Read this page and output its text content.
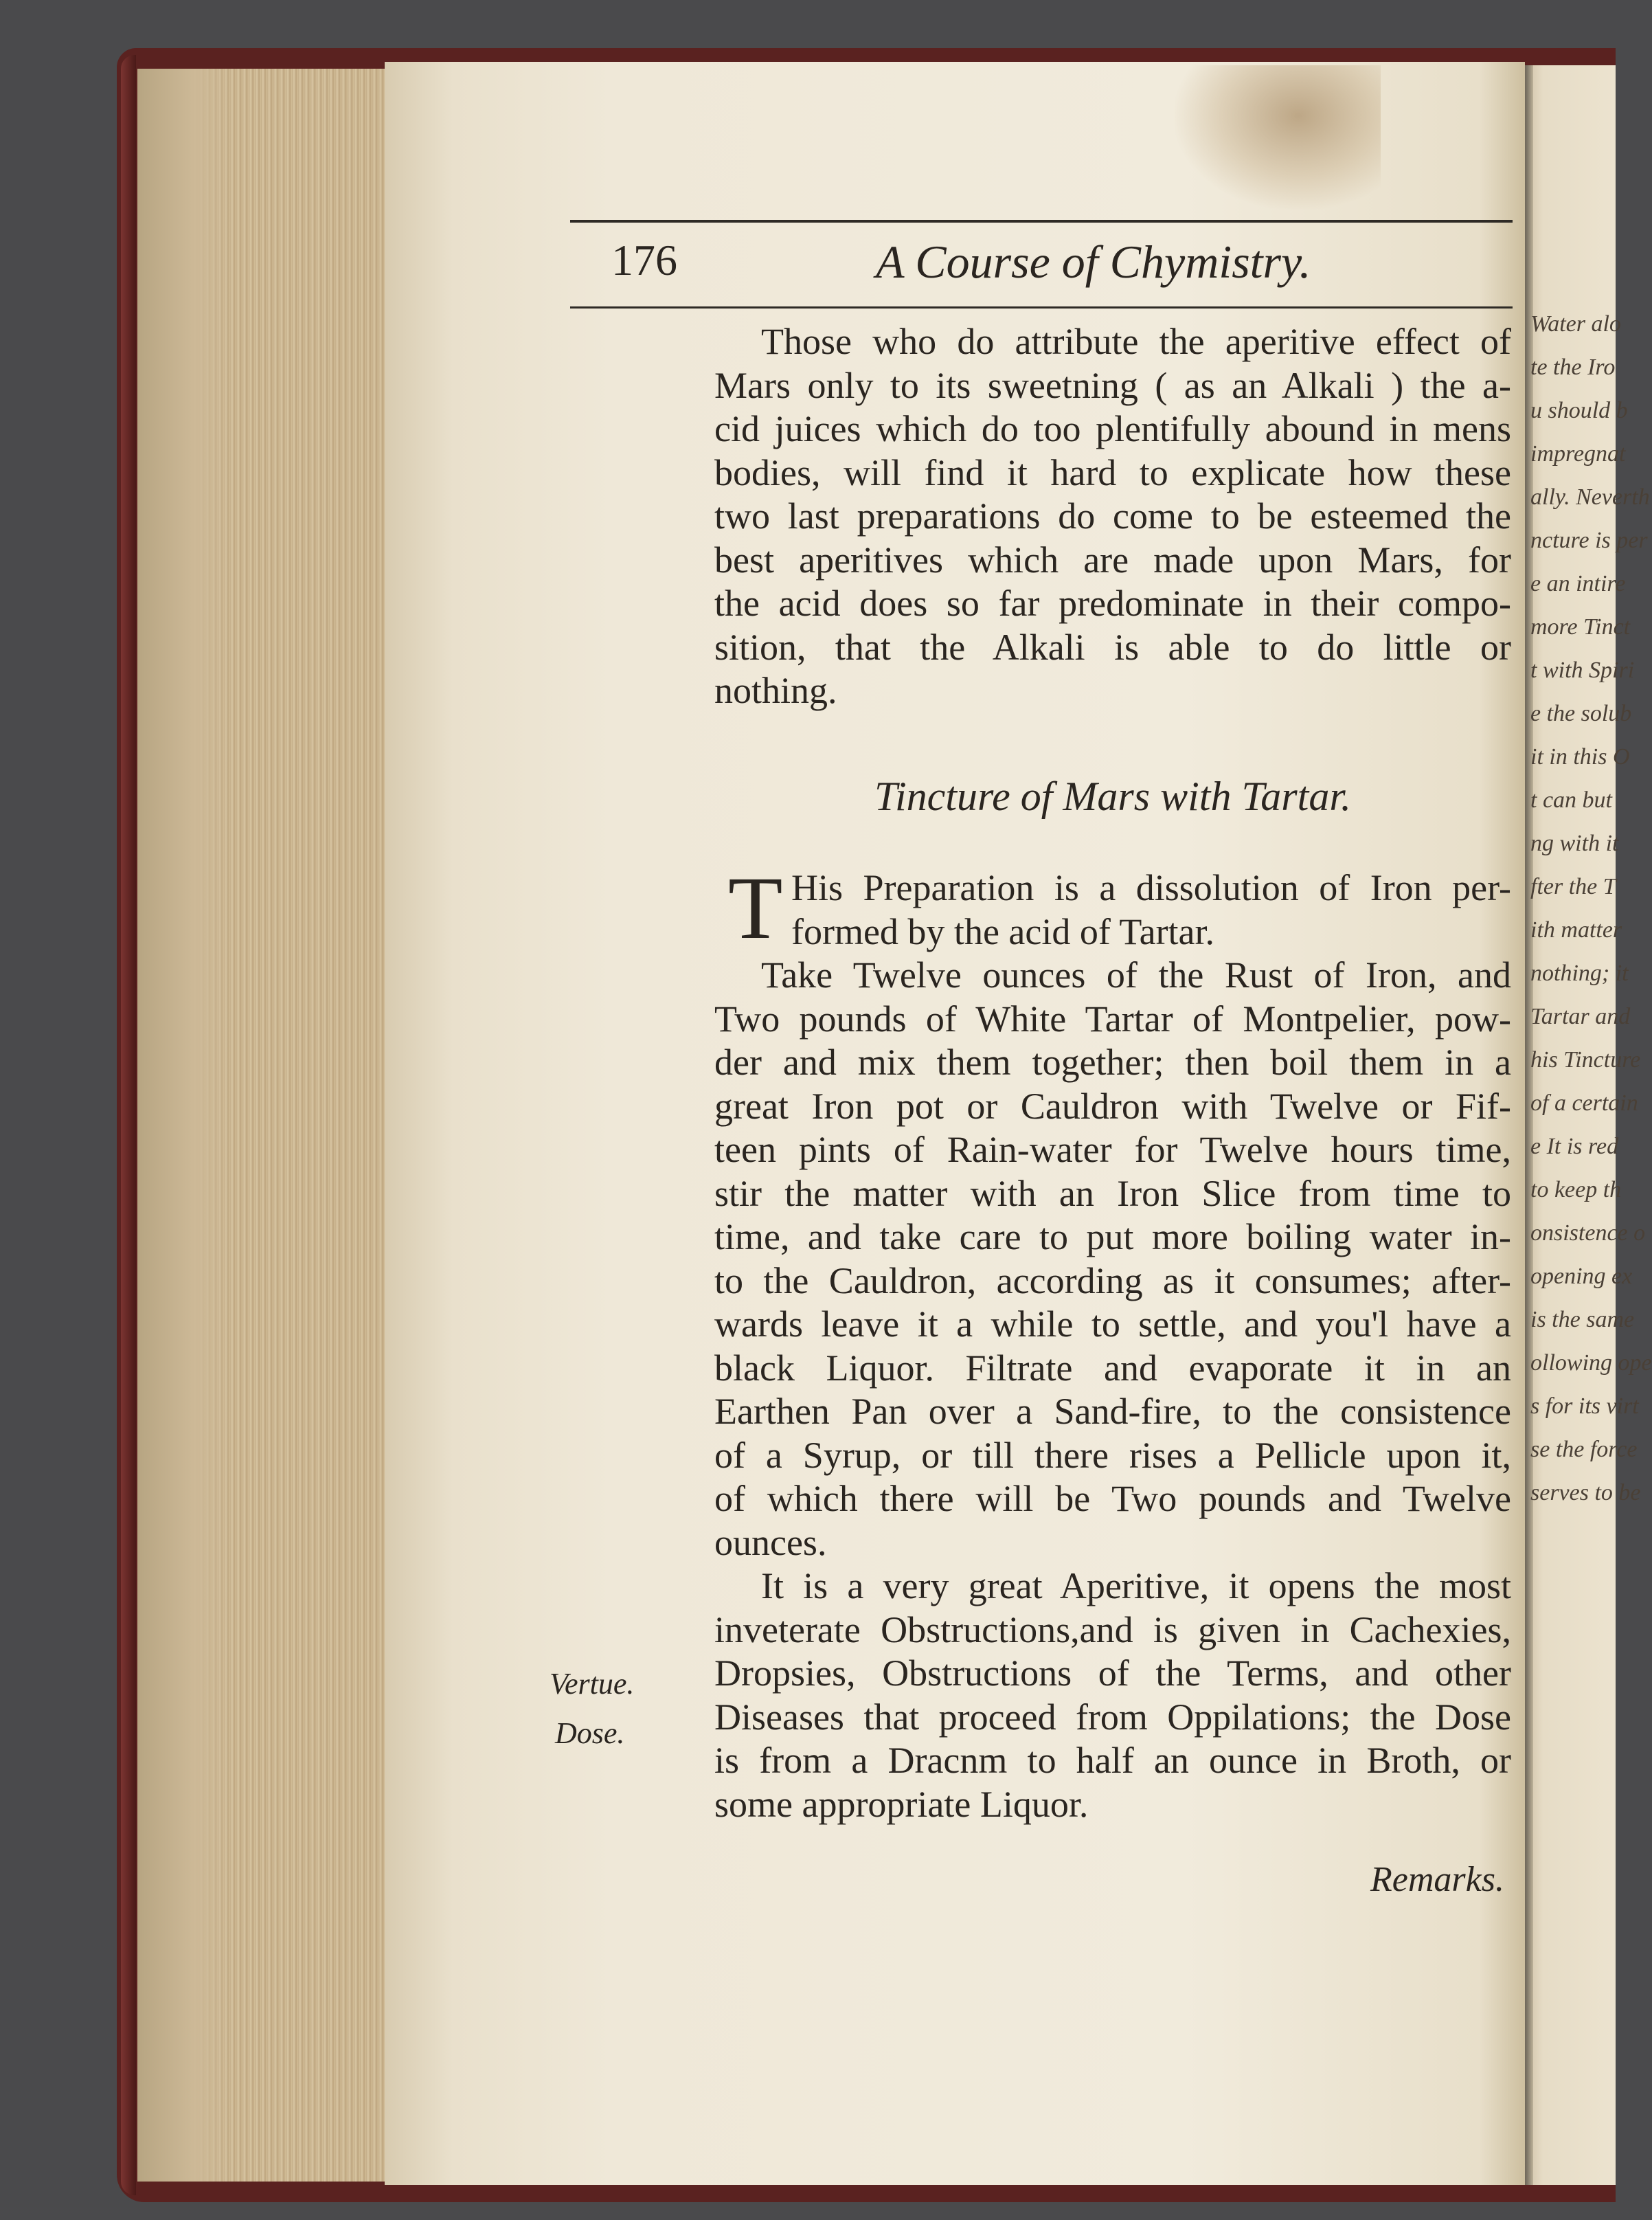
Water alo
te the Iro
u should b
impregnat
ally. Neverth
ncture is per
e an intire
more Tinct
t with Spiri
e the solub
it in this O
t can but
ng with it
fter the T
ith matter
nothing; it
Tartar and
his Tincture
of a certain
e It is red
to keep th
onsistence o
opening ex
is the same
ollowing ope
s for its virt
se the force
serves to be
176	A Course of Chymistry.
Those who do attribute the aperitive effect of
Mars only to its sweetning ( as an Alkali ) the a-
cid juices which do too plentifully abound in mens
bodies, will find it hard to explicate how these
two last preparations do come to be esteemed the
best aperitives which are made upon Mars, for
the acid does so far predominate in their compo-
sition, that the Alkali is able to do little or
nothing.
Tincture of Mars with Tartar.
T His Preparation is a dissolution of Iron per-
formed by the acid of Tartar.
Take Twelve ounces of the Rust of Iron, and
Two pounds of White Tartar of Montpelier, pow-
der and mix them together; then boil them in a
great Iron pot or Cauldron with Twelve or Fif-
teen pints of Rain-water for Twelve hours time,
stir the matter with an Iron Slice from time to
time, and take care to put more boiling water in-
to the Cauldron, according as it consumes; after-
wards leave it a while to settle, and you'l have a
black Liquor. Filtrate and evaporate it in an
Earthen Pan over a Sand-fire, to the consistence
of a Syrup, or till there rises a Pellicle upon it,
of which there will be Two pounds and Twelve
ounces.
It is a very great Aperitive, it opens the most
inveterate Obstructions,and is given in Cachexies,
Dropsies, Obstructions of the Terms, and other
Diseases that proceed from Oppilations; the Dose
is from a Dracnm to half an ounce in Broth, or
some appropriate Liquor.
Vertue.
Dose.
Remarks.
